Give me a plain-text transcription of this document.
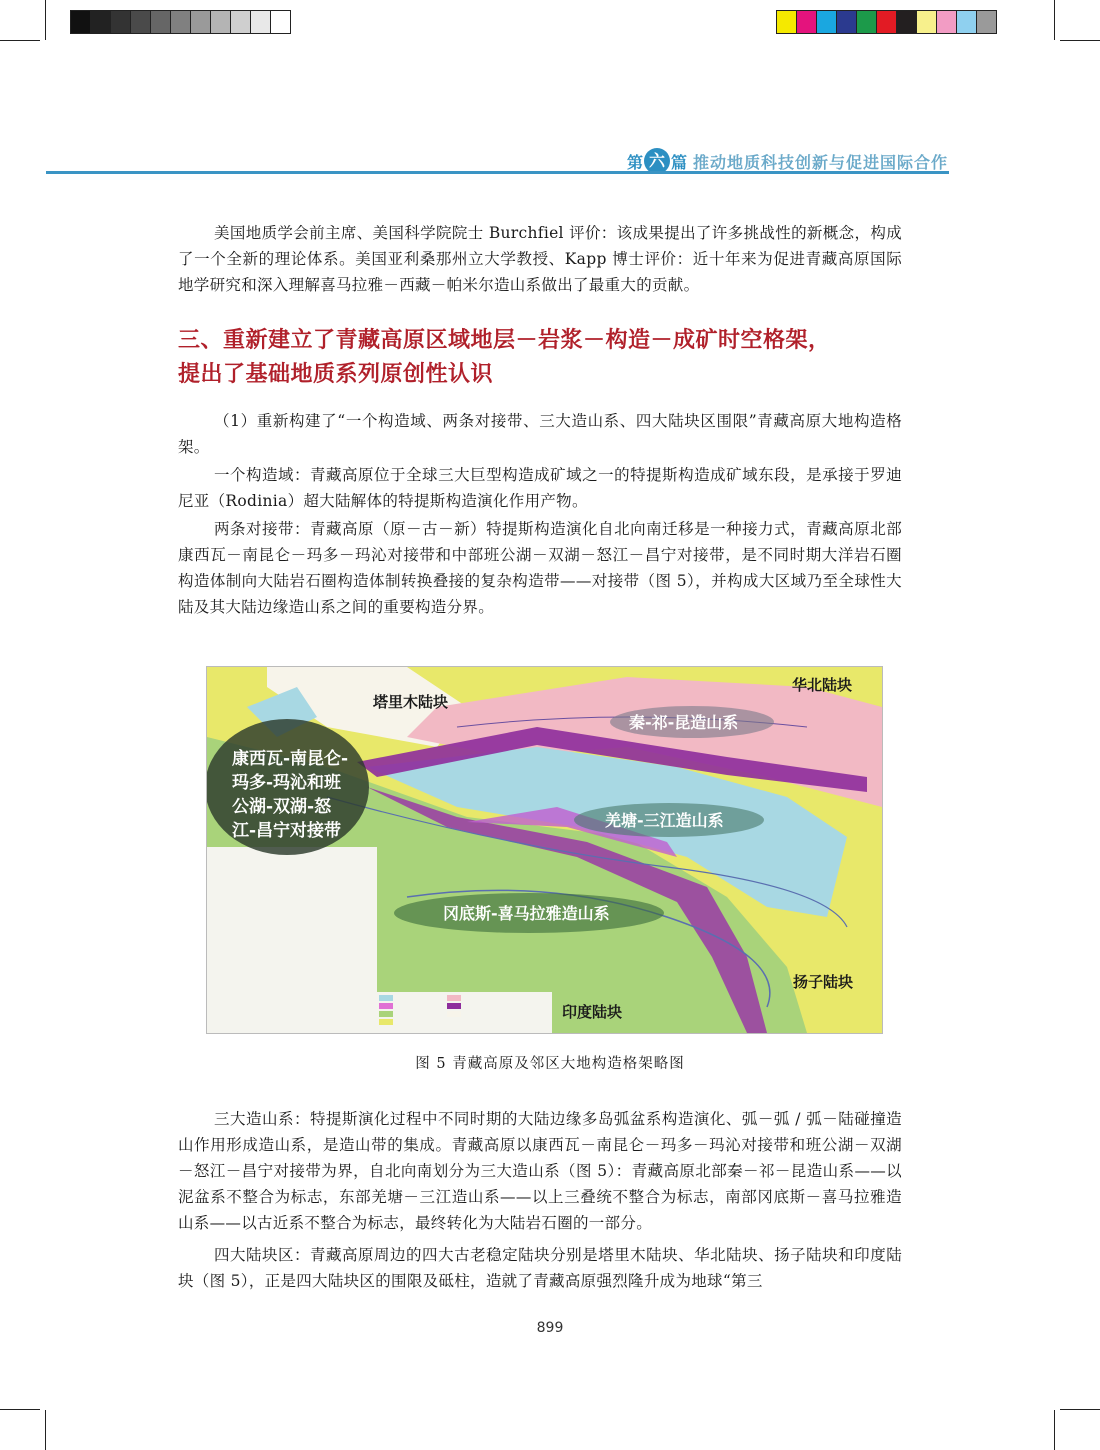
第 六 篇 推动地质科技创新与促进国际合作

美国地质学会前主席、美国科学院院士 Burchfiel 评价：该成果提出了许多挑战性的新概念，构成了一个全新的理论体系。美国亚利桑那州立大学教授、Kapp 博士评价：近十年来为促进青藏高原国际地学研究和深入理解喜马拉雅－西藏－帕米尔造山系做出了最重大的贡献。

三、重新建立了青藏高原区域地层－岩浆－构造－成矿时空格架，
提出了基础地质系列原创性认识

（1）重新构建了“一个构造域、两条对接带、三大造山系、四大陆块区围限”青藏高原大地构造格架。

一个构造域：青藏高原位于全球三大巨型构造成矿域之一的特提斯构造成矿域东段，是承接于罗迪尼亚（Rodinia）超大陆解体的特提斯构造演化作用产物。

两条对接带：青藏高原（原－古－新）特提斯构造演化自北向南迁移是一种接力式，青藏高原北部康西瓦－南昆仑－玛多－玛沁对接带和中部班公湖－双湖－怒江－昌宁对接带，是不同时期大洋岩石圈构造体制向大陆岩石圈构造体制转换叠接的复杂构造带——对接带（图 5），并构成大区域乃至全球性大陆及其大陆边缘造山系之间的重要构造分界。

塔里木陆块
华北陆块
秦-祁-昆造山系
康西瓦-南昆仑-
玛多-玛沁和班
公湖-双湖-怒
江-昌宁对接带
羌塘-三江造山系
冈底斯-喜马拉雅造山系
扬子陆块
印度陆块
图 5 青藏高原及邻区大地构造格架略图

三大造山系：特提斯演化过程中不同时期的大陆边缘多岛弧盆系构造演化、弧－弧 / 弧－陆碰撞造山作用形成造山系，是造山带的集成。青藏高原以康西瓦－南昆仑－玛多－玛沁对接带和班公湖－双湖－怒江－昌宁对接带为界，自北向南划分为三大造山系（图 5）：青藏高原北部秦－祁－昆造山系——以泥盆系不整合为标志，东部羌塘－三江造山系——以上三叠统不整合为标志，南部冈底斯－喜马拉雅造山系——以古近系不整合为标志，最终转化为大陆岩石圈的一部分。

四大陆块区：青藏高原周边的四大古老稳定陆块分别是塔里木陆块、华北陆块、扬子陆块和印度陆块（图 5），正是四大陆块区的围限及砥柱，造就了青藏高原强烈隆升成为地球“第三

899
